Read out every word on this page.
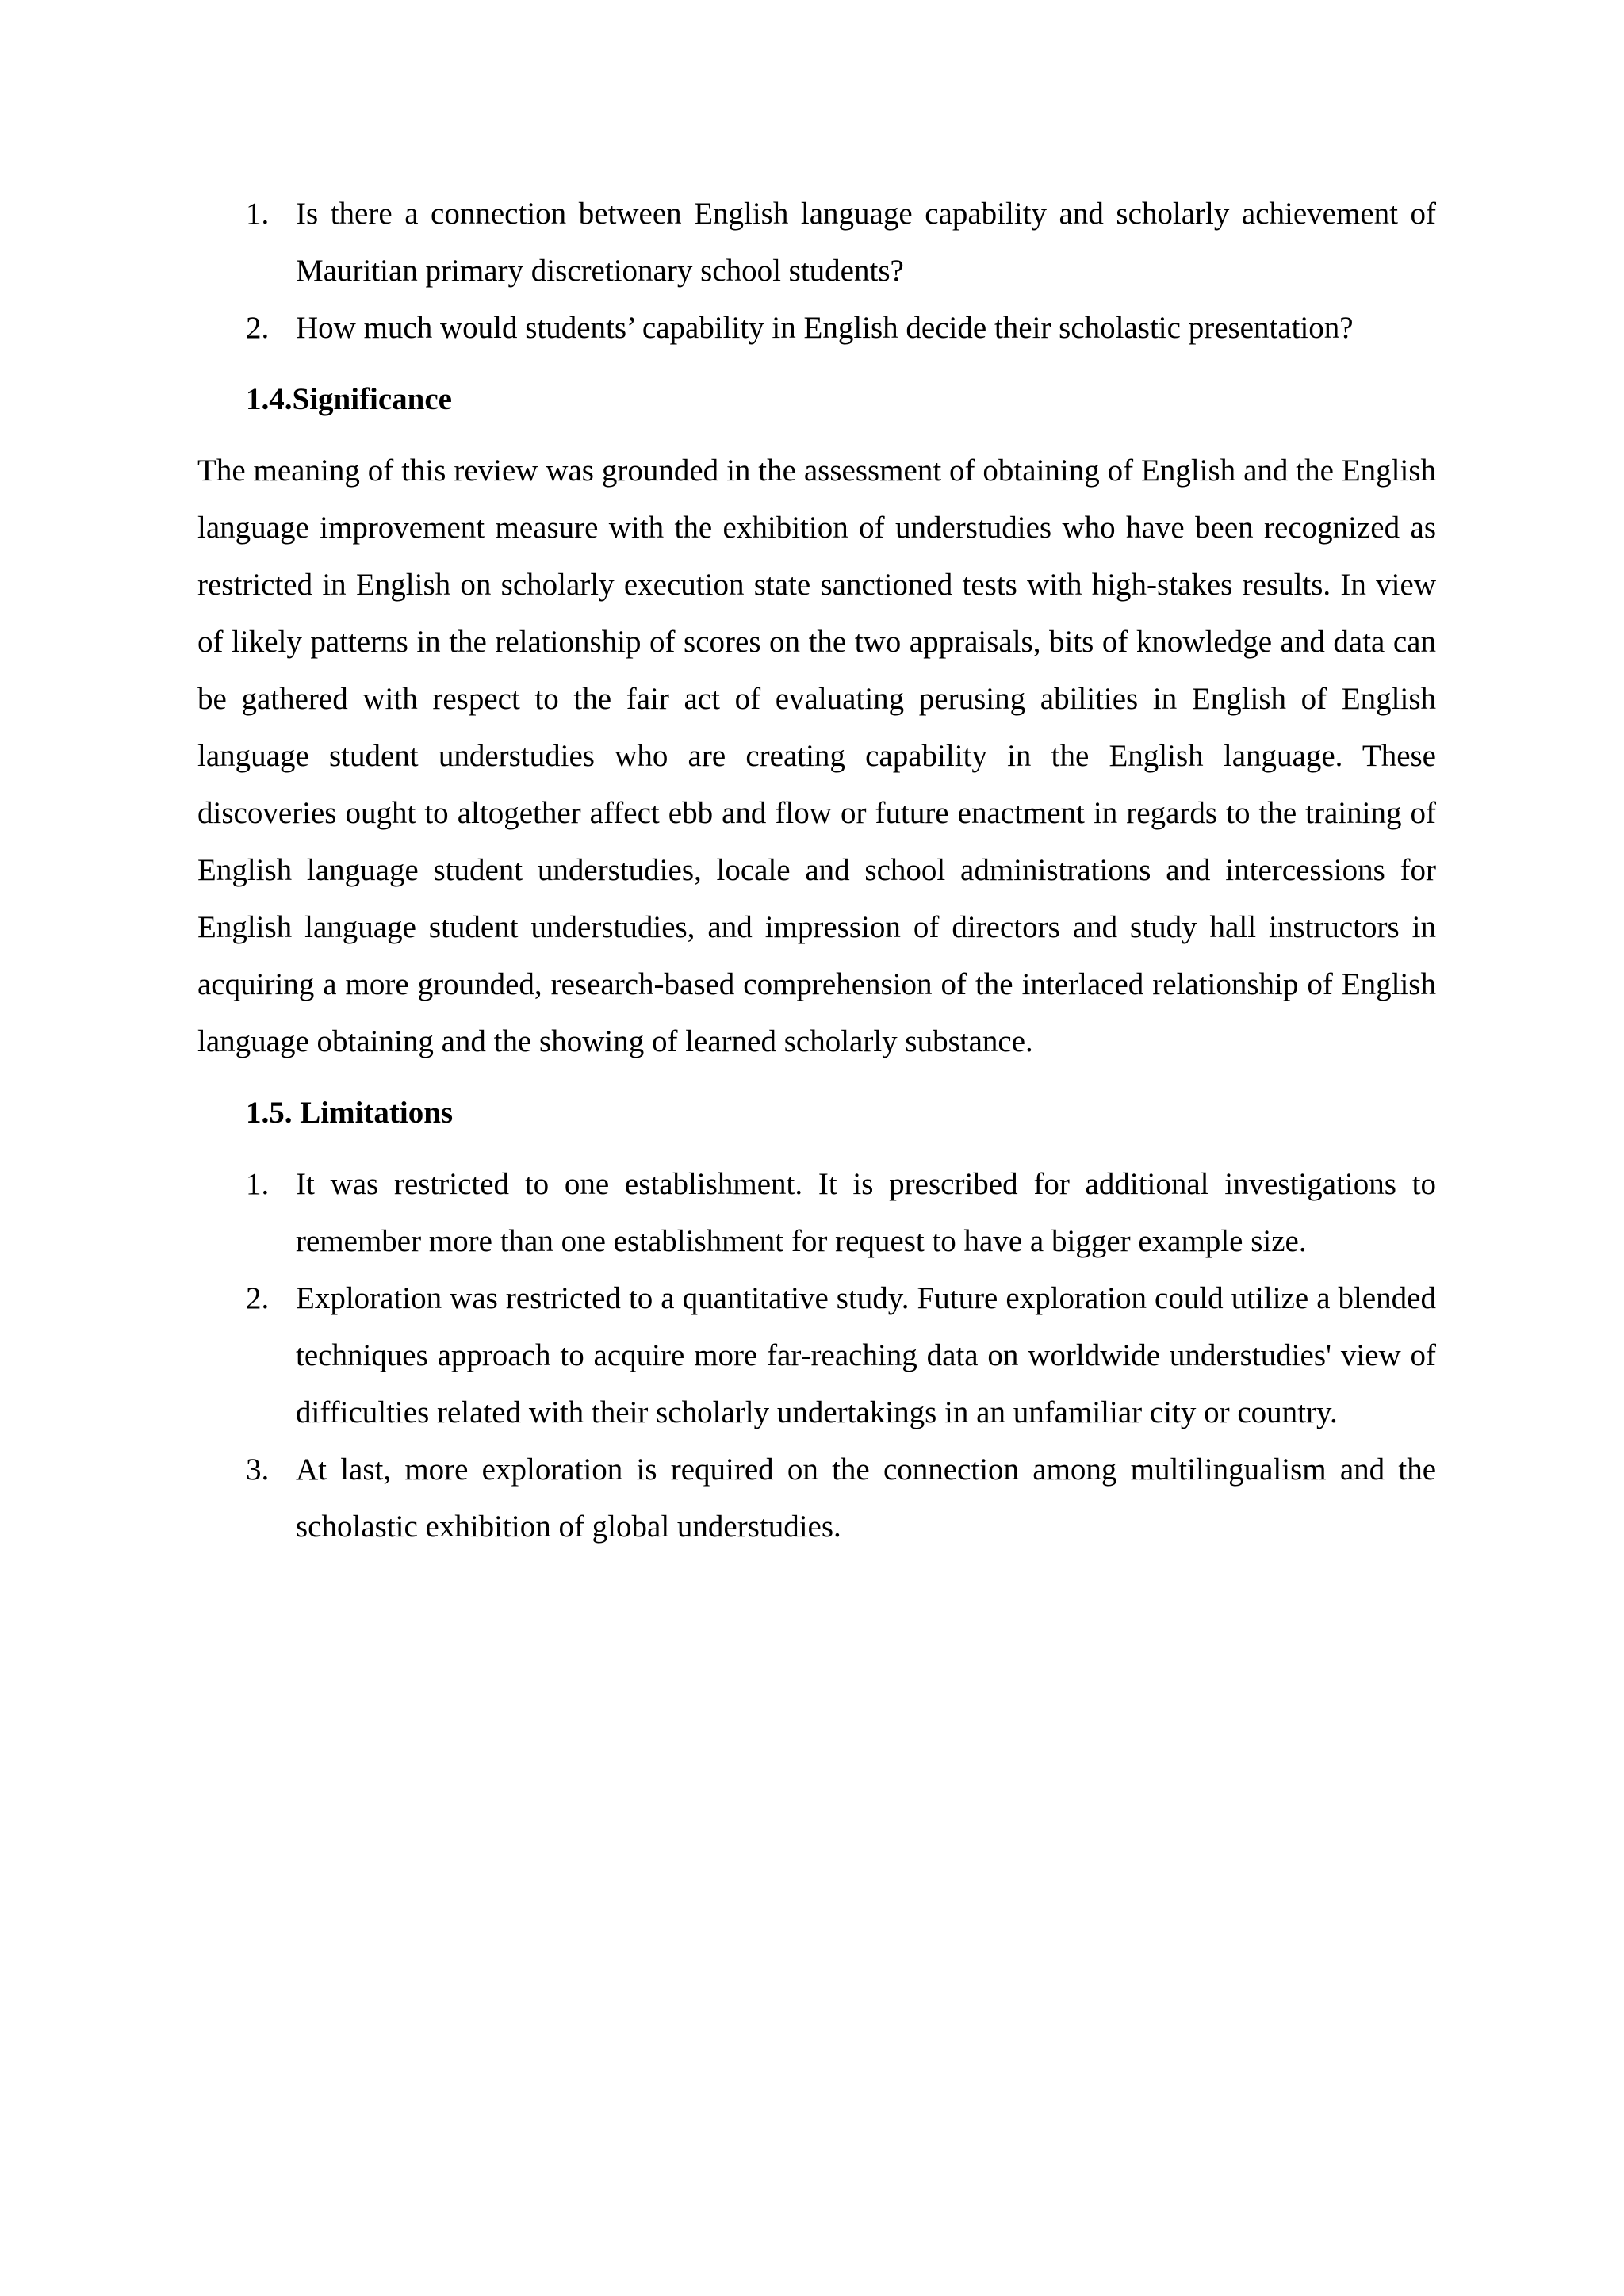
1. Is there a connection between English language capability and scholarly achievement of Mauritian primary discretionary school students?
2. How much would students’ capability in English decide their scholastic presentation?
1.4.Significance

The meaning of this review was grounded in the assessment of obtaining of English and the English language improvement measure with the exhibition of understudies who have been recognized as restricted in English on scholarly execution state sanctioned tests with high-stakes results. In view of likely patterns in the relationship of scores on the two appraisals, bits of knowledge and data can be gathered with respect to the fair act of evaluating perusing abilities in English of English language student understudies who are creating capability in the English language. These discoveries ought to altogether affect ebb and flow or future enactment in regards to the training of English language student understudies, locale and school administrations and intercessions for English language student understudies, and impression of directors and study hall instructors in acquiring a more grounded, research-based comprehension of the interlaced relationship of English language obtaining and the showing of learned scholarly substance.

1.5. Limitations
1. It was restricted to one establishment. It is prescribed for additional investigations to remember more than one establishment for request to have a bigger example size.
2. Exploration was restricted to a quantitative study. Future exploration could utilize a blended techniques approach to acquire more far-reaching data on worldwide understudies' view of difficulties related with their scholarly undertakings in an unfamiliar city or country.
3. At last, more exploration is required on the connection among multilingualism and the scholastic exhibition of global understudies.
